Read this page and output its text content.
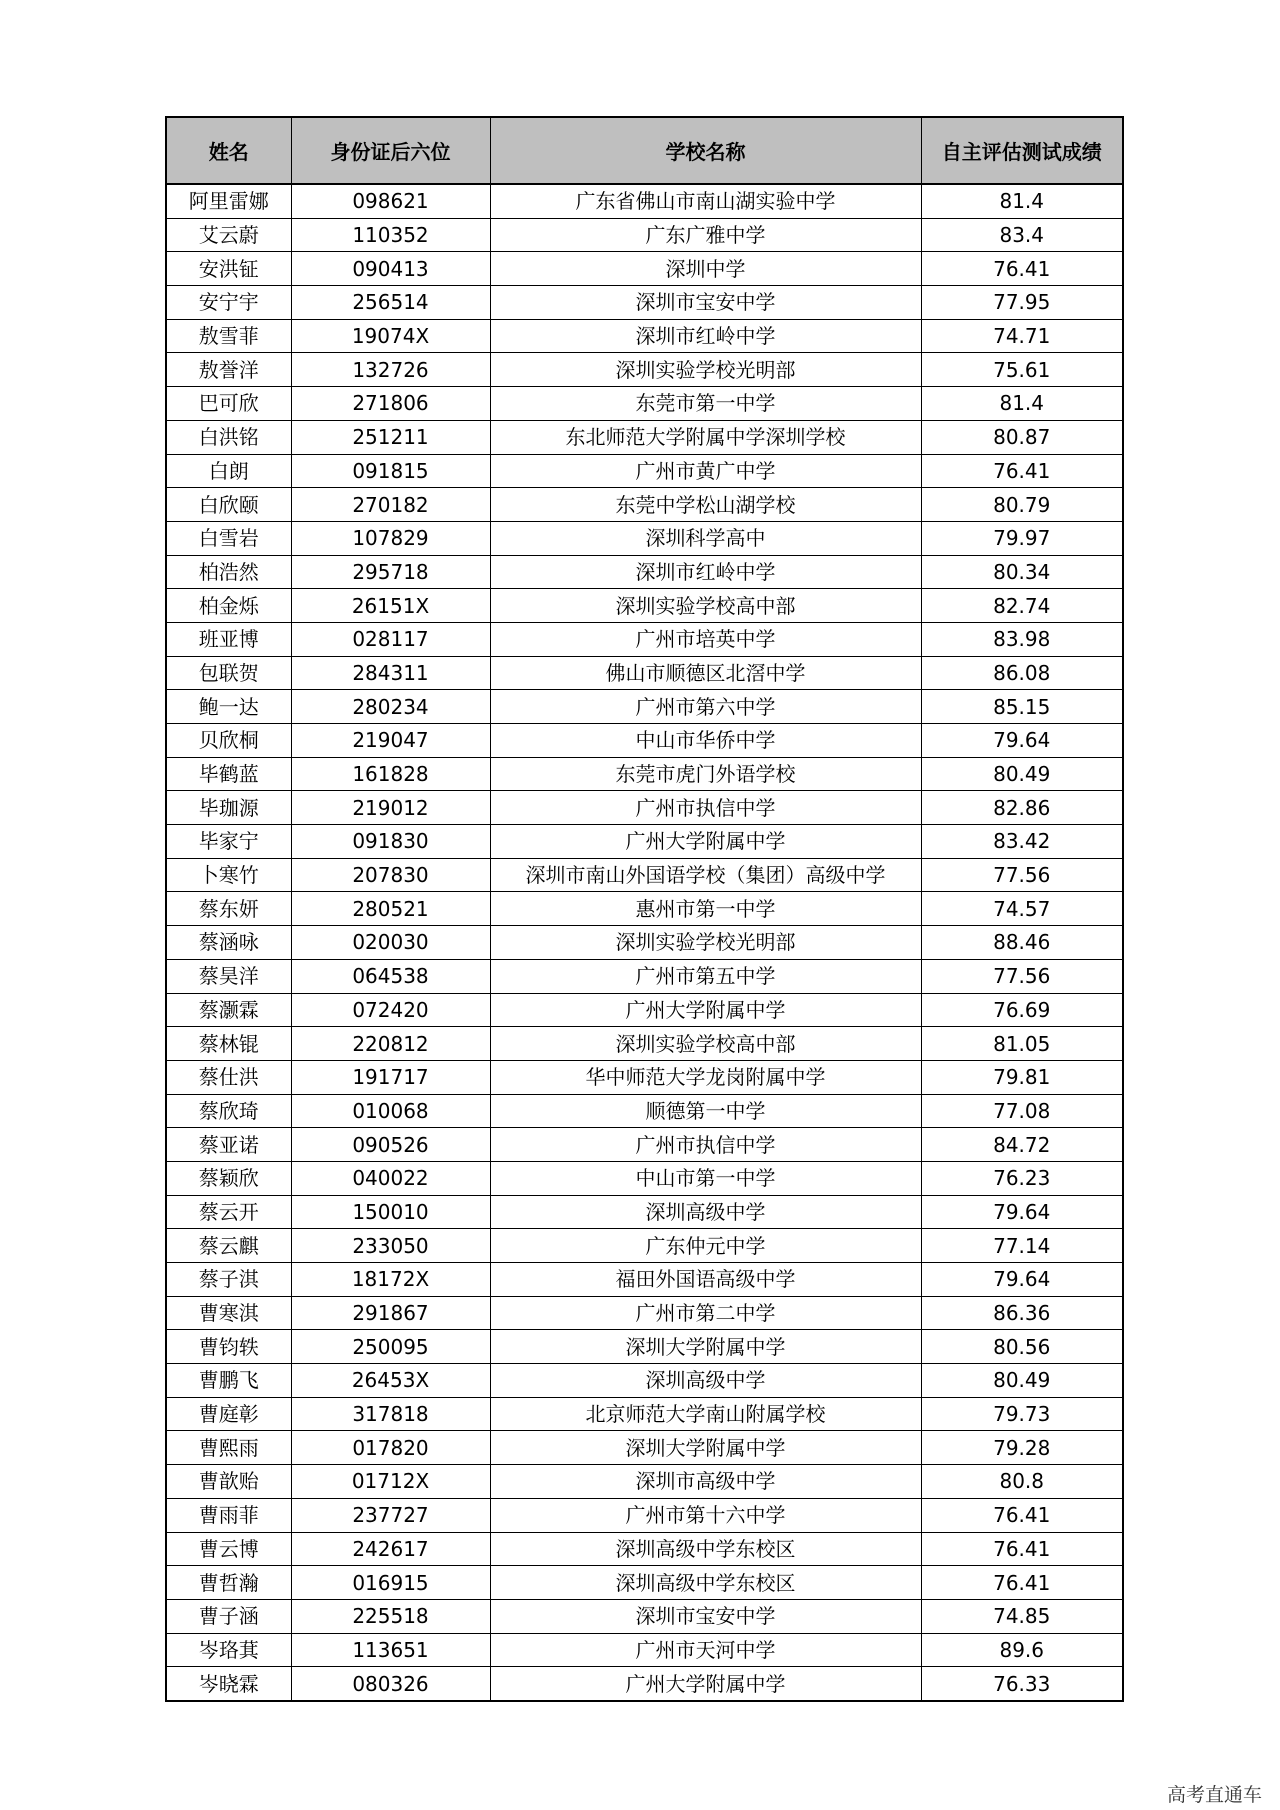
姓名	身份证后六位	学校名称	自主评估测试成绩
阿里雷娜	098621	广东省佛山市南山湖实验中学	81.4
艾云蔚	110352	广东广雅中学	83.4
安洪钲	090413	深圳中学	76.41
安宁宇	256514	深圳市宝安中学	77.95
敖雪菲	19074X	深圳市红岭中学	74.71
敖誉洋	132726	深圳实验学校光明部	75.61
巴可欣	271806	东莞市第一中学	81.4
白洪铭	251211	东北师范大学附属中学深圳学校	80.87
白朗	091815	广州市黄广中学	76.41
白欣颐	270182	东莞中学松山湖学校	80.79
白雪岩	107829	深圳科学高中	79.97
柏浩然	295718	深圳市红岭中学	80.34
柏金烁	26151X	深圳实验学校高中部	82.74
班亚博	028117	广州市培英中学	83.98
包联贺	284311	佛山市顺德区北滘中学	86.08
鲍一达	280234	广州市第六中学	85.15
贝欣桐	219047	中山市华侨中学	79.64
毕鹤蓝	161828	东莞市虎门外语学校	80.49
毕珈源	219012	广州市执信中学	82.86
毕家宁	091830	广州大学附属中学	83.42
卜寒竹	207830	深圳市南山外国语学校（集团）高级中学	77.56
蔡东妍	280521	惠州市第一中学	74.57
蔡涵咏	020030	深圳实验学校光明部	88.46
蔡昊洋	064538	广州市第五中学	77.56
蔡灏霖	072420	广州大学附属中学	76.69
蔡林锟	220812	深圳实验学校高中部	81.05
蔡仕洪	191717	华中师范大学龙岗附属中学	79.81
蔡欣琦	010068	顺德第一中学	77.08
蔡亚诺	090526	广州市执信中学	84.72
蔡颖欣	040022	中山市第一中学	76.23
蔡云开	150010	深圳高级中学	79.64
蔡云麒	233050	广东仲元中学	77.14
蔡子淇	18172X	福田外国语高级中学	79.64
曹寒淇	291867	广州市第二中学	86.36
曹钧轶	250095	深圳大学附属中学	80.56
曹鹏飞	26453X	深圳高级中学	80.49
曹庭彰	317818	北京师范大学南山附属学校	79.73
曹熙雨	017820	深圳大学附属中学	79.28
曹歆贻	01712X	深圳市高级中学	80.8
曹雨菲	237727	广州市第十六中学	76.41
曹云博	242617	深圳高级中学东校区	76.41
曹哲瀚	016915	深圳高级中学东校区	76.41
曹子涵	225518	深圳市宝安中学	74.85
岑珞萁	113651	广州市天河中学	89.6
岑晓霖	080326	广州大学附属中学	76.33
高考直通车
